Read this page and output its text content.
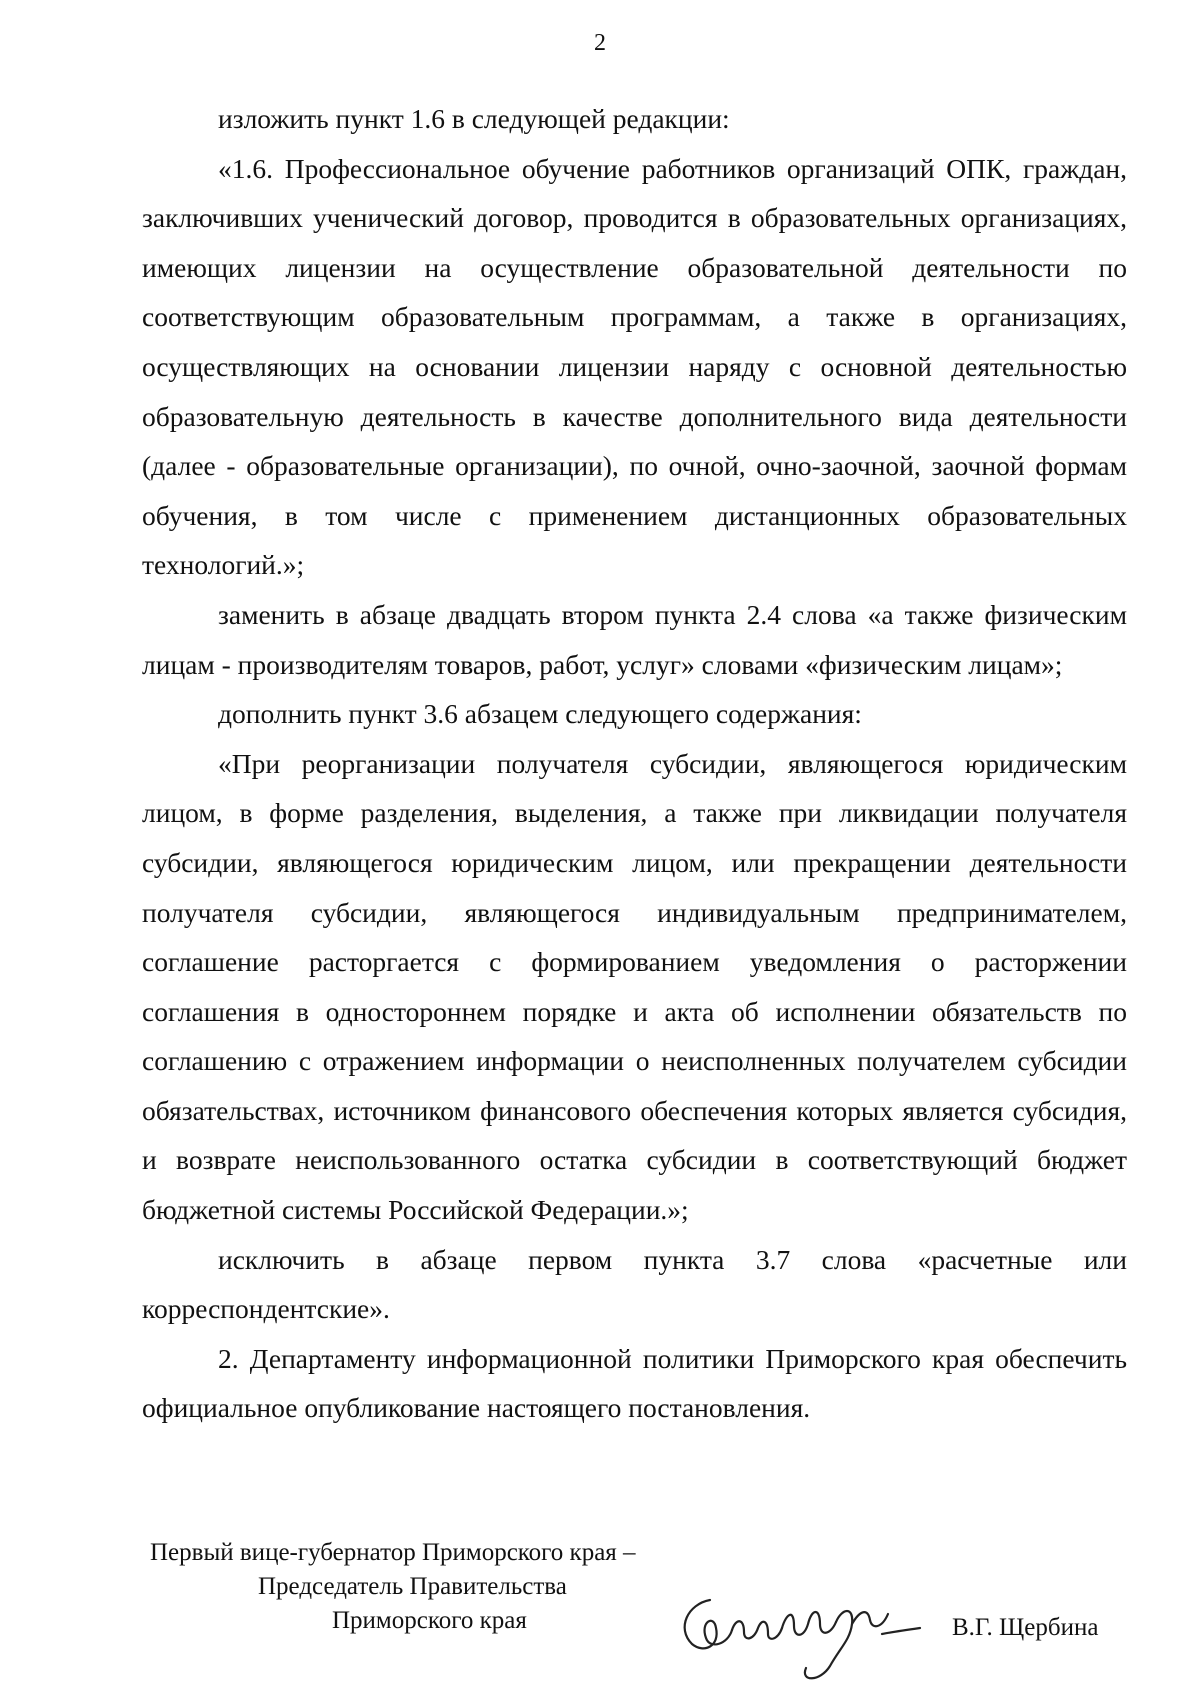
2

изложить пункт 1.6 в следующей редакции:

«1.6. Профессиональное обучение работников организаций ОПК, граждан, заключивших ученический договор, проводится в образовательных организациях, имеющих лицензии на осуществление образовательной деятельности по соответствующим образовательным программам, а также в организациях, осуществляющих на основании лицензии наряду с основной деятельностью образовательную деятельность в качестве дополнительного вида деятельности (далее - образовательные организации), по очной, очно-заочной, заочной формам обучения, в том числе с применением дистанционных образовательных технологий.»;

заменить в абзаце двадцать втором пункта 2.4 слова «а также физическим лицам - производителям товаров, работ, услуг» словами «физическим лицам»;

дополнить пункт 3.6 абзацем следующего содержания:

«При реорганизации получателя субсидии, являющегося юридическим лицом, в форме разделения, выделения, а также при ликвидации получателя субсидии, являющегося юридическим лицом, или прекращении деятельности получателя субсидии, являющегося индивидуальным предпринимателем, соглашение расторгается с формированием уведомления о расторжении соглашения в одностороннем порядке и акта об исполнении обязательств по соглашению с отражением информации о неисполненных получателем субсидии обязательствах, источником финансового обеспечения которых является субсидия, и возврате неиспользованного остатка субсидии в соответствующий бюджет бюджетной системы Российской Федерации.»;

исключить в абзаце первом пункта 3.7 слова «расчетные или корреспондентские».

2. Департаменту информационной политики Приморского края обеспечить официальное опубликование настоящего постановления.

Первый вице-губернатор Приморского края –
Председатель Правительства
Приморского края	В.Г. Щербина
